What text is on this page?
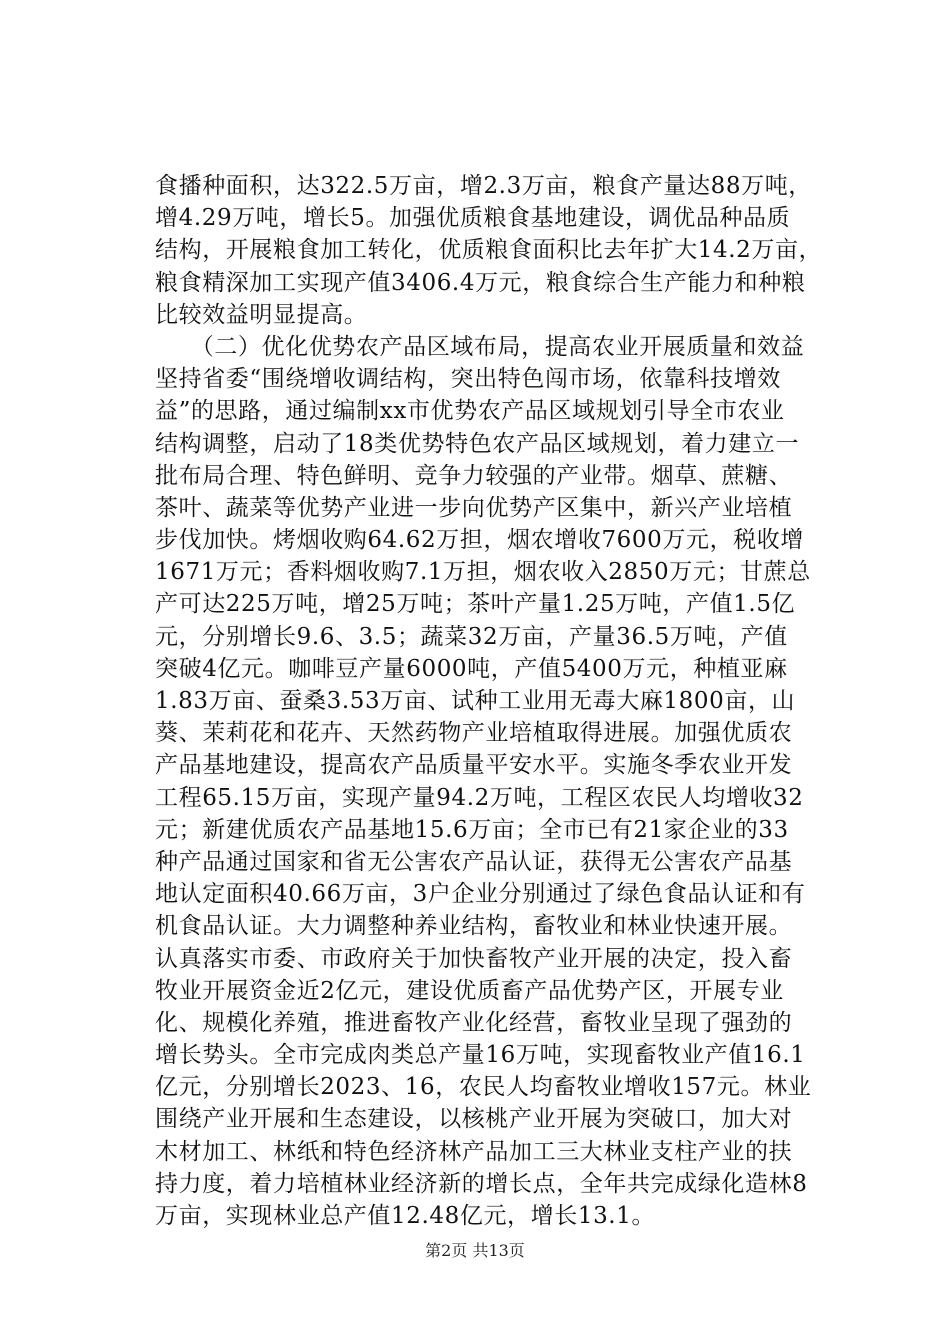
食播种面积，达322.5万亩，增2.3万亩，粮食产量达88万吨，
增4.29万吨，增长5。加强优质粮食基地建设，调优品种品质
结构，开展粮食加工转化，优质粮食面积比去年扩大14.2万亩，
粮食精深加工实现产值3406.4万元，粮食综合生产能力和种粮
比较效益明显提高。
　　（二）优化优势农产品区域布局，提高农业开展质量和效益
坚持省委“围绕增收调结构，突出特色闯市场，依靠科技增效
益”的思路，通过编制xx市优势农产品区域规划引导全市农业
结构调整，启动了18类优势特色农产品区域规划，着力建立一
批布局合理、特色鲜明、竞争力较强的产业带。烟草、蔗糖、
茶叶、蔬菜等优势产业进一步向优势产区集中，新兴产业培植
步伐加快。烤烟收购64.62万担，烟农增收7600万元，税收增
1671万元；香料烟收购7.1万担，烟农收入2850万元；甘蔗总
产可达225万吨，增25万吨；茶叶产量1.25万吨，产值1.5亿
元，分别增长9.6、3.5；蔬菜32万亩，产量36.5万吨，产值
突破4亿元。咖啡豆产量6000吨，产值5400万元，种植亚麻
1.83万亩、蚕桑3.53万亩、试种工业用无毒大麻1800亩，山
葵、茉莉花和花卉、天然药物产业培植取得进展。加强优质农
产品基地建设，提高农产品质量平安水平。实施冬季农业开发
工程65.15万亩，实现产量94.2万吨，工程区农民人均增收32
元；新建优质农产品基地15.6万亩；全市已有21家企业的33
种产品通过国家和省无公害农产品认证，获得无公害农产品基
地认定面积40.66万亩，3户企业分别通过了绿色食品认证和有
机食品认证。大力调整种养业结构，畜牧业和林业快速开展。
认真落实市委、市政府关于加快畜牧产业开展的决定，投入畜
牧业开展资金近2亿元，建设优质畜产品优势产区，开展专业
化、规模化养殖，推进畜牧产业化经营，畜牧业呈现了强劲的
增长势头。全市完成肉类总产量16万吨，实现畜牧业产值16.1
亿元，分别增长2023、16，农民人均畜牧业增收157元。林业
围绕产业开展和生态建设，以核桃产业开展为突破口，加大对
木材加工、林纸和特色经济林产品加工三大林业支柱产业的扶
持力度，着力培植林业经济新的增长点，全年共完成绿化造林8
万亩，实现林业总产值12.48亿元，增长13.1。
第2页 共13页
